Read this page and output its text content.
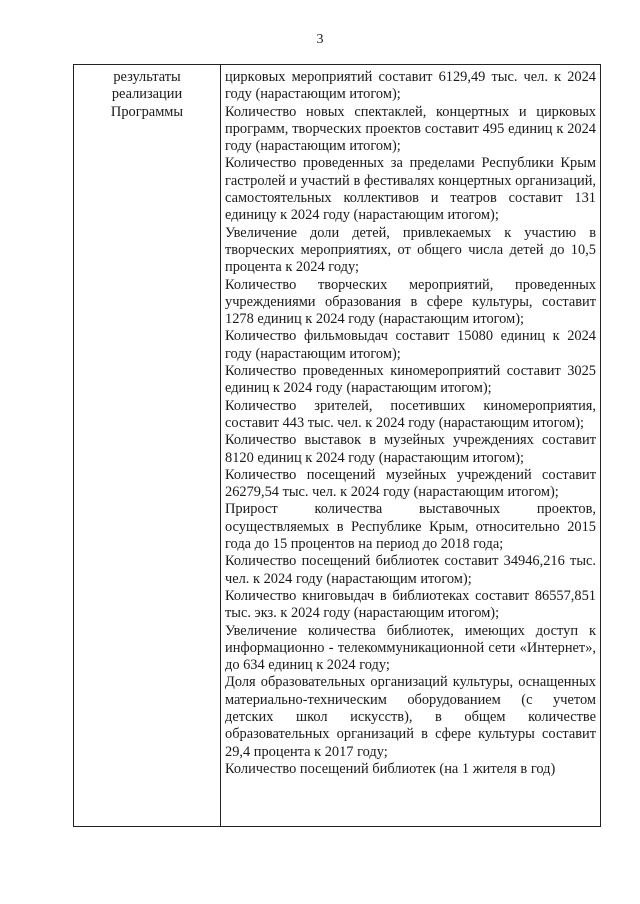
3
результаты
реализации
Программы
циркoвых мероприятий составит 6129,49 тыс. чел. к 2024 году (нарастающим итогом);
Количество новых спектаклей, концертных и цирковых программ, творческих проектов составит 495 единиц к 2024 году (нарастающим итогом);
Количество проведенных за пределами Республики Крым гастролей и участий в фестивалях концертных организаций, самостоятельных коллективов и театров составит 131 единицу к 2024 году (нарастающим итогом);
Увеличение доли детей, привлекаемых к участию в творческих мероприятиях, от общего числа детей до 10,5 процента к 2024 году;
Количество творческих мероприятий, проведенных учреждениями образования в сфере культуры, составит 1278 единиц к 2024 году (нарастающим итогом);
Количество фильмовыдач составит 15080 единиц к 2024 году (нарастающим итогом);
Количество проведенных киномероприятий составит 3025 единиц к 2024 году (нарастающим итогом);
Количество зрителей, посетивших киномероприятия, составит 443 тыс. чел. к 2024 году (нарастающим итогом);
Количество выставок в музейных учреждениях составит 8120 единиц к 2024 году (нарастающим итогом);
Количество посещений музейных учреждений составит 26279,54 тыс. чел. к 2024 году (нарастающим итогом);
Прирост количества выставочных проектов, осуществляемых в Республике Крым, относительно 2015 года до 15 процентов на период до 2018 года;
Количество посещений библиотек составит 34946,216 тыс. чел. к 2024 году (нарастающим итогом);
Количество книговыдач в библиотеках составит 86557,851 тыс. экз. к 2024 году (нарастающим итогом);
Увеличение количества библиотек, имеющих доступ к информационно - телекоммуникационной сети «Интернет», до 634 единиц к 2024 году;
Доля образовательных организаций культуры, оснащенных материально-техническим оборудованием (с учетом детских школ искусств), в общем количестве образовательных организаций в сфере культуры составит 29,4 процента к 2017 году;
Количество посещений библиотек (на 1 жителя в год)
